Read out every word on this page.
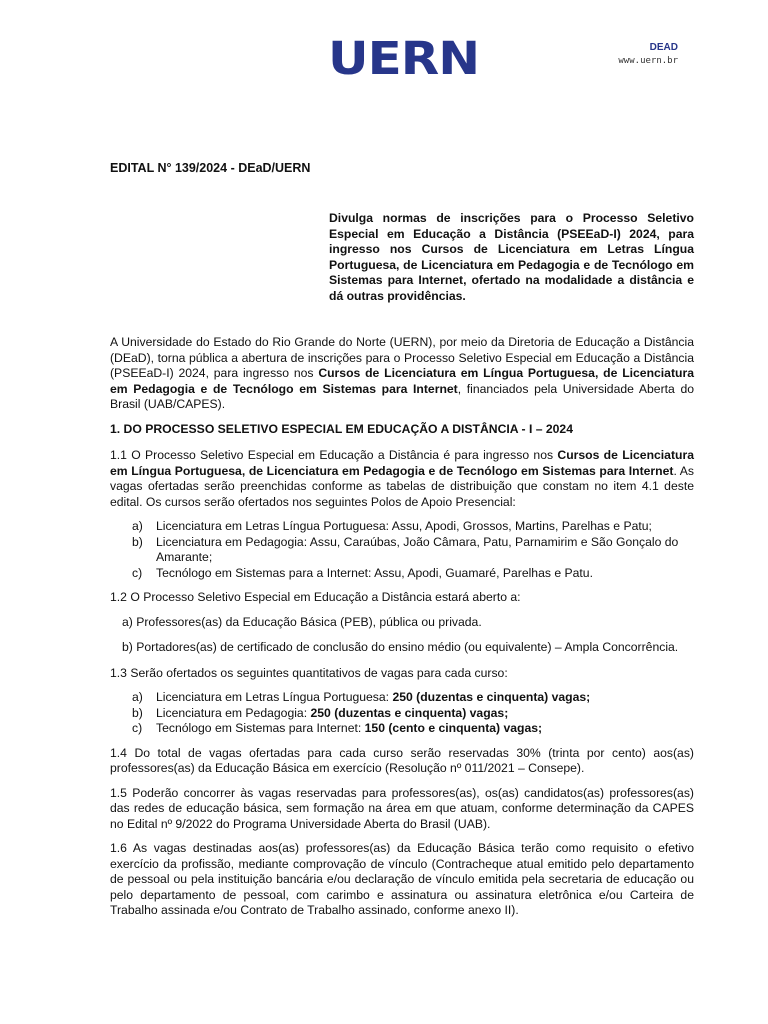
UERN	DEAD
www.uern.br
EDITAL N° 139/2024 - DEaD/UERN
Divulga normas de inscrições para o Processo Seletivo Especial em Educação a Distância (PSEEaD-I) 2024, para ingresso nos Cursos de Licenciatura em Letras Língua Portuguesa, de Licenciatura em Pedagogia e de Tecnólogo em Sistemas para Internet, ofertado na modalidade a distância e dá outras providências.

A Universidade do Estado do Rio Grande do Norte (UERN), por meio da Diretoria de Educação a Distância (DEaD), torna pública a abertura de inscrições para o Processo Seletivo Especial em Educação a Distância (PSEEaD-I) 2024, para ingresso nos Cursos de Licenciatura em Língua Portuguesa, de Licenciatura em Pedagogia e de Tecnólogo em Sistemas para Internet, financiados pela Universidade Aberta do Brasil (UAB/CAPES).

1. DO PROCESSO SELETIVO ESPECIAL EM EDUCAÇÃO A DISTÂNCIA - I – 2024

1.1 O Processo Seletivo Especial em Educação a Distância é para ingresso nos Cursos de Licenciatura em Língua Portuguesa, de Licenciatura em Pedagogia e de Tecnólogo em Sistemas para Internet. As vagas ofertadas serão preenchidas conforme as tabelas de distribuição que constam no item 4.1 deste edital. Os cursos serão ofertados nos seguintes Polos de Apoio Presencial:

a) Licenciatura em Letras Língua Portuguesa: Assu, Apodi, Grossos, Martins, Parelhas e Patu;
b) Licenciatura em Pedagogia: Assu, Caraúbas, João Câmara, Patu, Parnamirim e São Gonçalo do Amarante;
c) Tecnólogo em Sistemas para a Internet: Assu, Apodi, Guamaré, Parelhas e Patu.

1.2 O Processo Seletivo Especial em Educação a Distância estará aberto a:

a) Professores(as) da Educação Básica (PEB), pública ou privada.

b) Portadores(as) de certificado de conclusão do ensino médio (ou equivalente) – Ampla Concorrência.

1.3 Serão ofertados os seguintes quantitativos de vagas para cada curso:

a) Licenciatura em Letras Língua Portuguesa: 250 (duzentas e cinquenta) vagas;
b) Licenciatura em Pedagogia: 250 (duzentas e cinquenta) vagas;
c) Tecnólogo em Sistemas para Internet: 150 (cento e cinquenta) vagas;

1.4 Do total de vagas ofertadas para cada curso serão reservadas 30% (trinta por cento) aos(as) professores(as) da Educação Básica em exercício (Resolução nº 011/2021 – Consepe).

1.5 Poderão concorrer às vagas reservadas para professores(as), os(as) candidatos(as) professores(as) das redes de educação básica, sem formação na área em que atuam, conforme determinação da CAPES no Edital nº 9/2022 do Programa Universidade Aberta do Brasil (UAB).

1.6 As vagas destinadas aos(as) professores(as) da Educação Básica terão como requisito o efetivo exercício da profissão, mediante comprovação de vínculo (Contracheque atual emitido pelo departamento de pessoal ou pela instituição bancária e/ou declaração de vínculo emitida pela secretaria de educação ou pelo departamento de pessoal, com carimbo e assinatura ou assinatura eletrônica e/ou Carteira de Trabalho assinada e/ou Contrato de Trabalho assinado, conforme anexo II).
